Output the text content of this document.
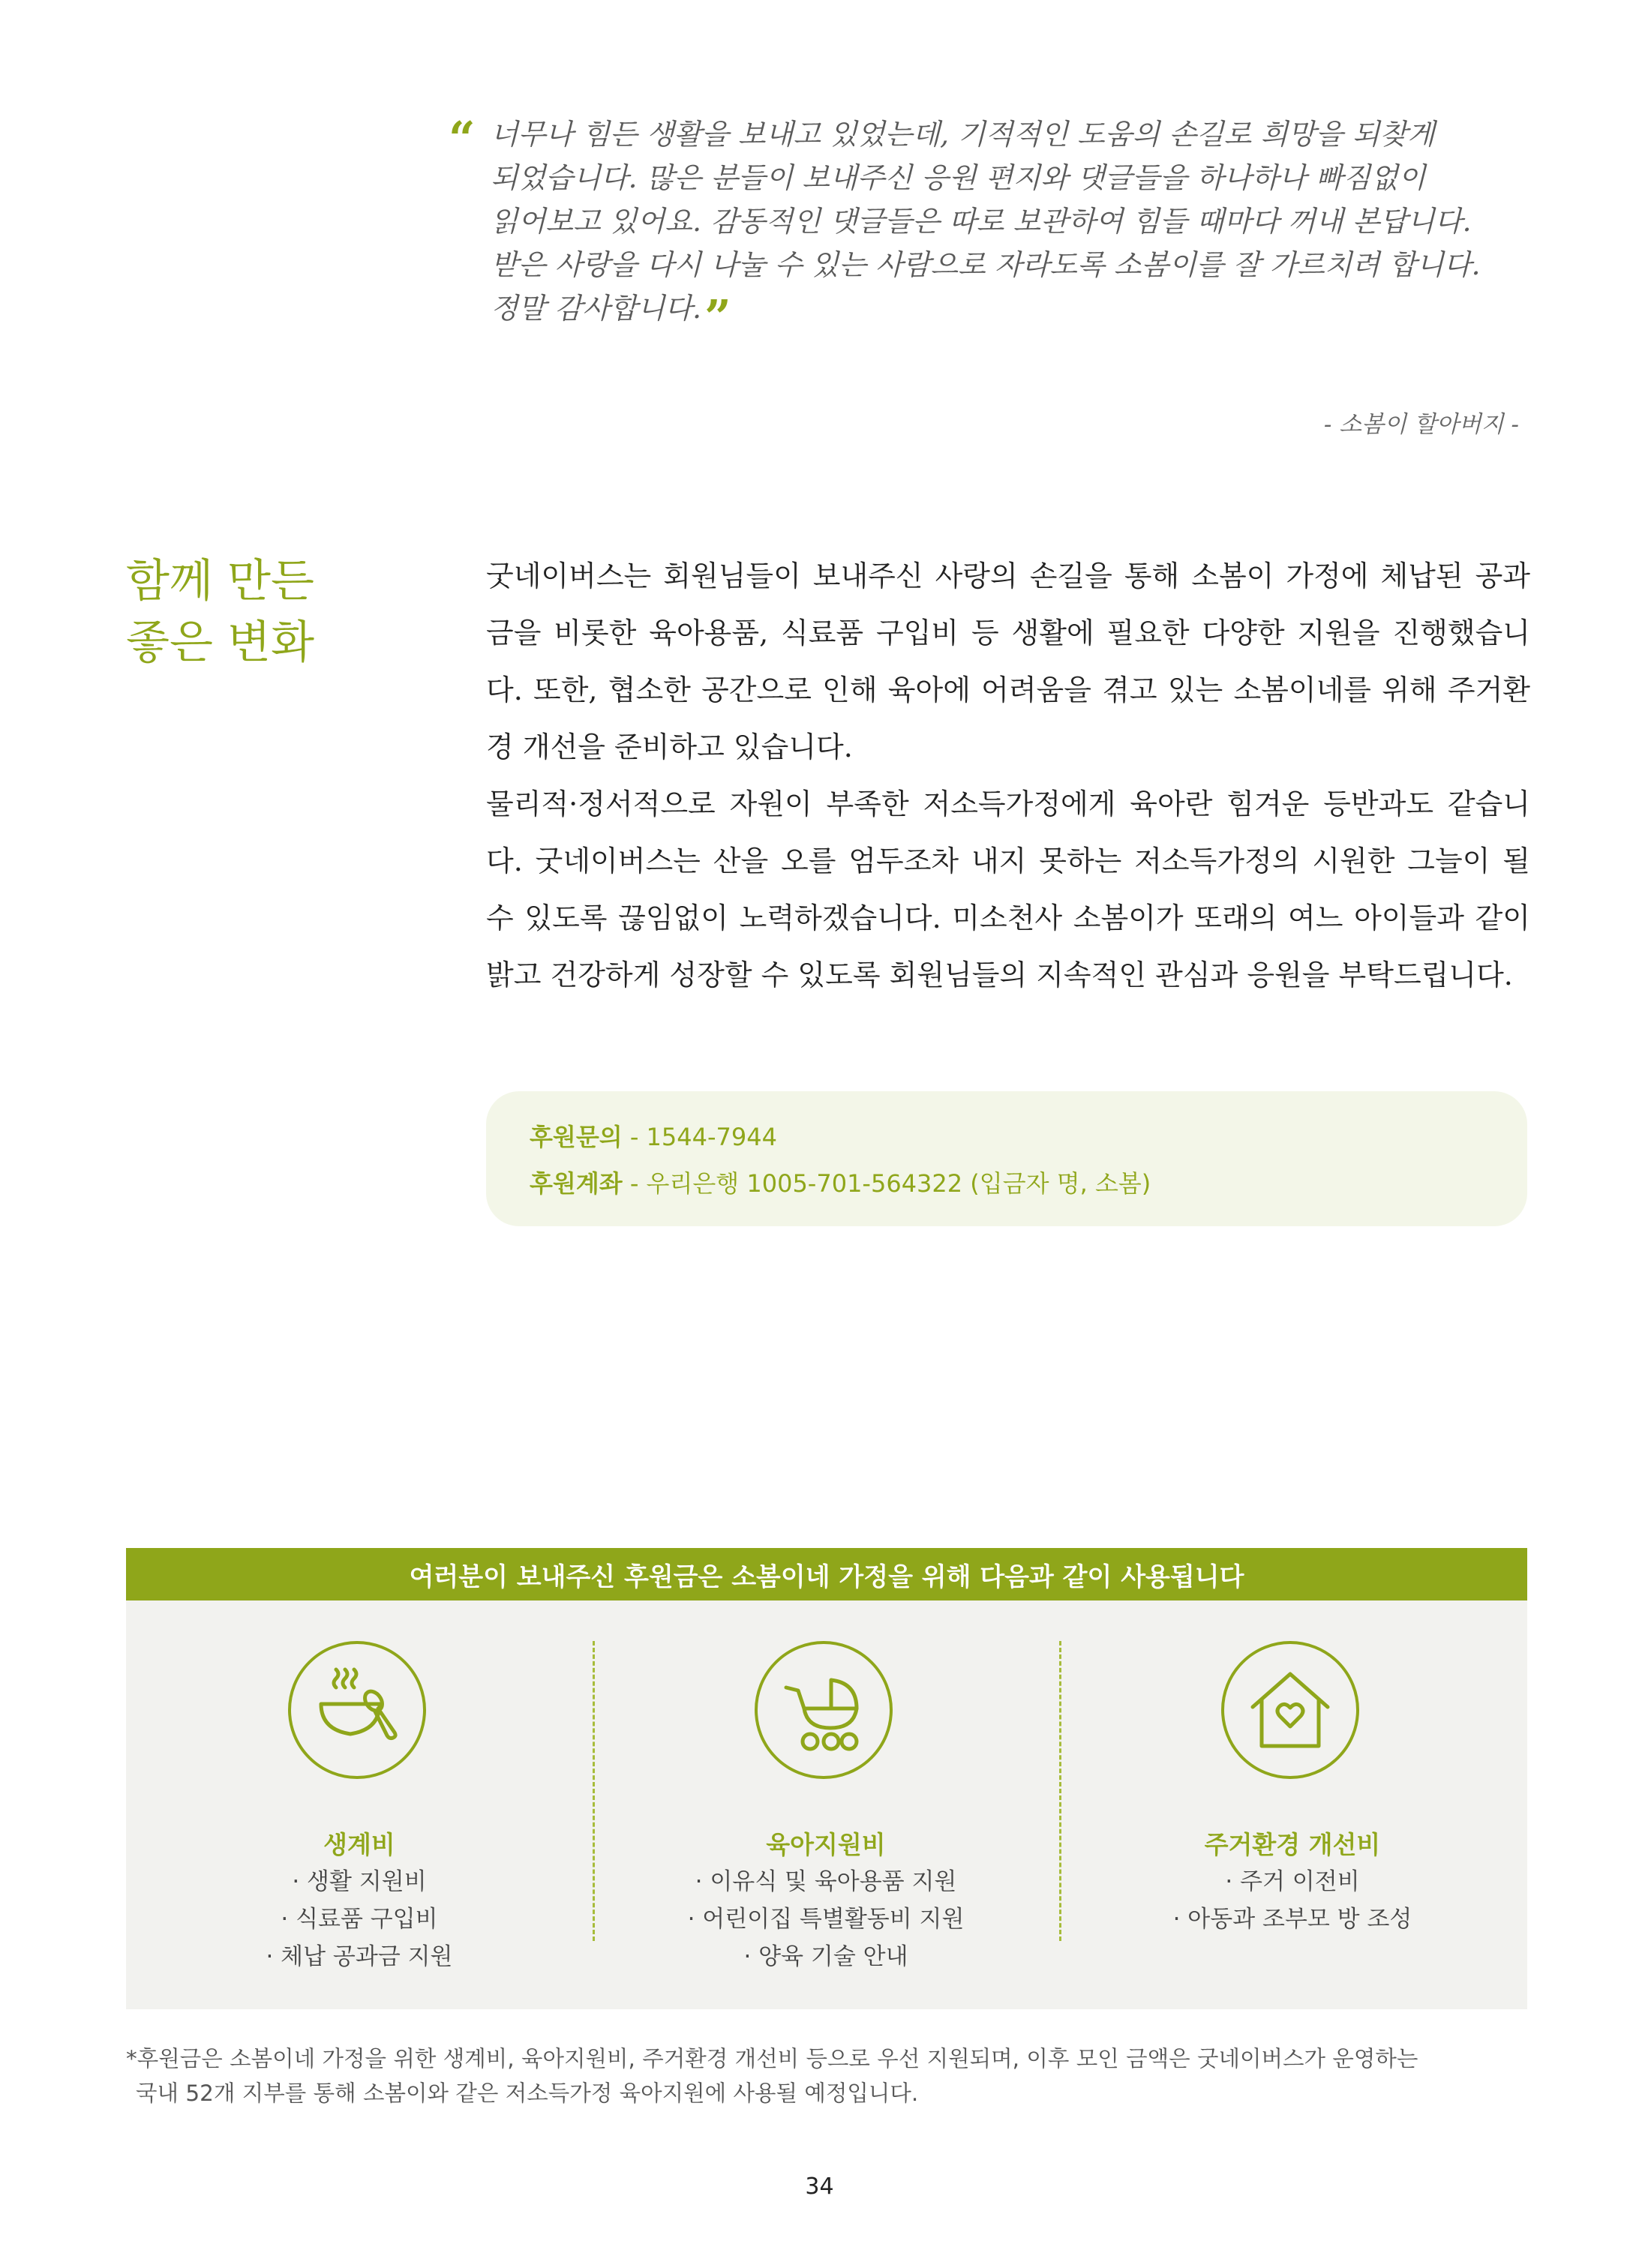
“ 너무나 힘든 생활을 보내고 있었는데, 기적적인 도움의 손길로 희망을 되찾게
되었습니다. 많은 분들이 보내주신 응원 편지와 댓글들을 하나하나 빠짐없이
읽어보고 있어요. 감동적인 댓글들은 따로 보관하여 힘들 때마다 꺼내 본답니다.
받은 사랑을 다시 나눌 수 있는 사람으로 자라도록 소봄이를 잘 가르치려 합니다.
정말 감사합니다.”
- 소봄이 할아버지 -
함께 만든
좋은 변화

굿네이버스는 회원님들이 보내주신 사랑의 손길을 통해 소봄이 가정에 체납된 공과금을 비롯한 육아용품, 식료품 구입비 등 생활에 필요한 다양한 지원을 진행했습니다. 또한, 협소한 공간으로 인해 육아에 어려움을 겪고 있는 소봄이네를 위해 주거환경 개선을 준비하고 있습니다.

물리적·정서적으로 자원이 부족한 저소득가정에게 육아란 힘겨운 등반과도 같습니다. 굿네이버스는 산을 오를 엄두조차 내지 못하는 저소득가정의 시원한 그늘이 될 수 있도록 끊임없이 노력하겠습니다. 미소천사 소봄이가 또래의 여느 아이들과 같이 밝고 건강하게 성장할 수 있도록 회원님들의 지속적인 관심과 응원을 부탁드립니다.

후원문의 - 1544-7944
후원계좌 - 우리은행 1005-701-564322 (입금자 명, 소봄)
여러분이 보내주신 후원금은 소봄이네 가정을 위해 다음과 같이 사용됩니다
생계비
· 생활 지원비
· 식료품 구입비
· 체납 공과금 지원
육아지원비
· 이유식 및 육아용품 지원
· 어린이집 특별활동비 지원
· 양육 기술 안내
주거환경 개선비
· 주거 이전비
· 아동과 조부모 방 조성
*후원금은 소봄이네 가정을 위한 생계비, 육아지원비, 주거환경 개선비 등으로 우선 지원되며, 이후 모인 금액은 굿네이버스가 운영하는
국내 52개 지부를 통해 소봄이와 같은 저소득가정 육아지원에 사용될 예정입니다.
34
